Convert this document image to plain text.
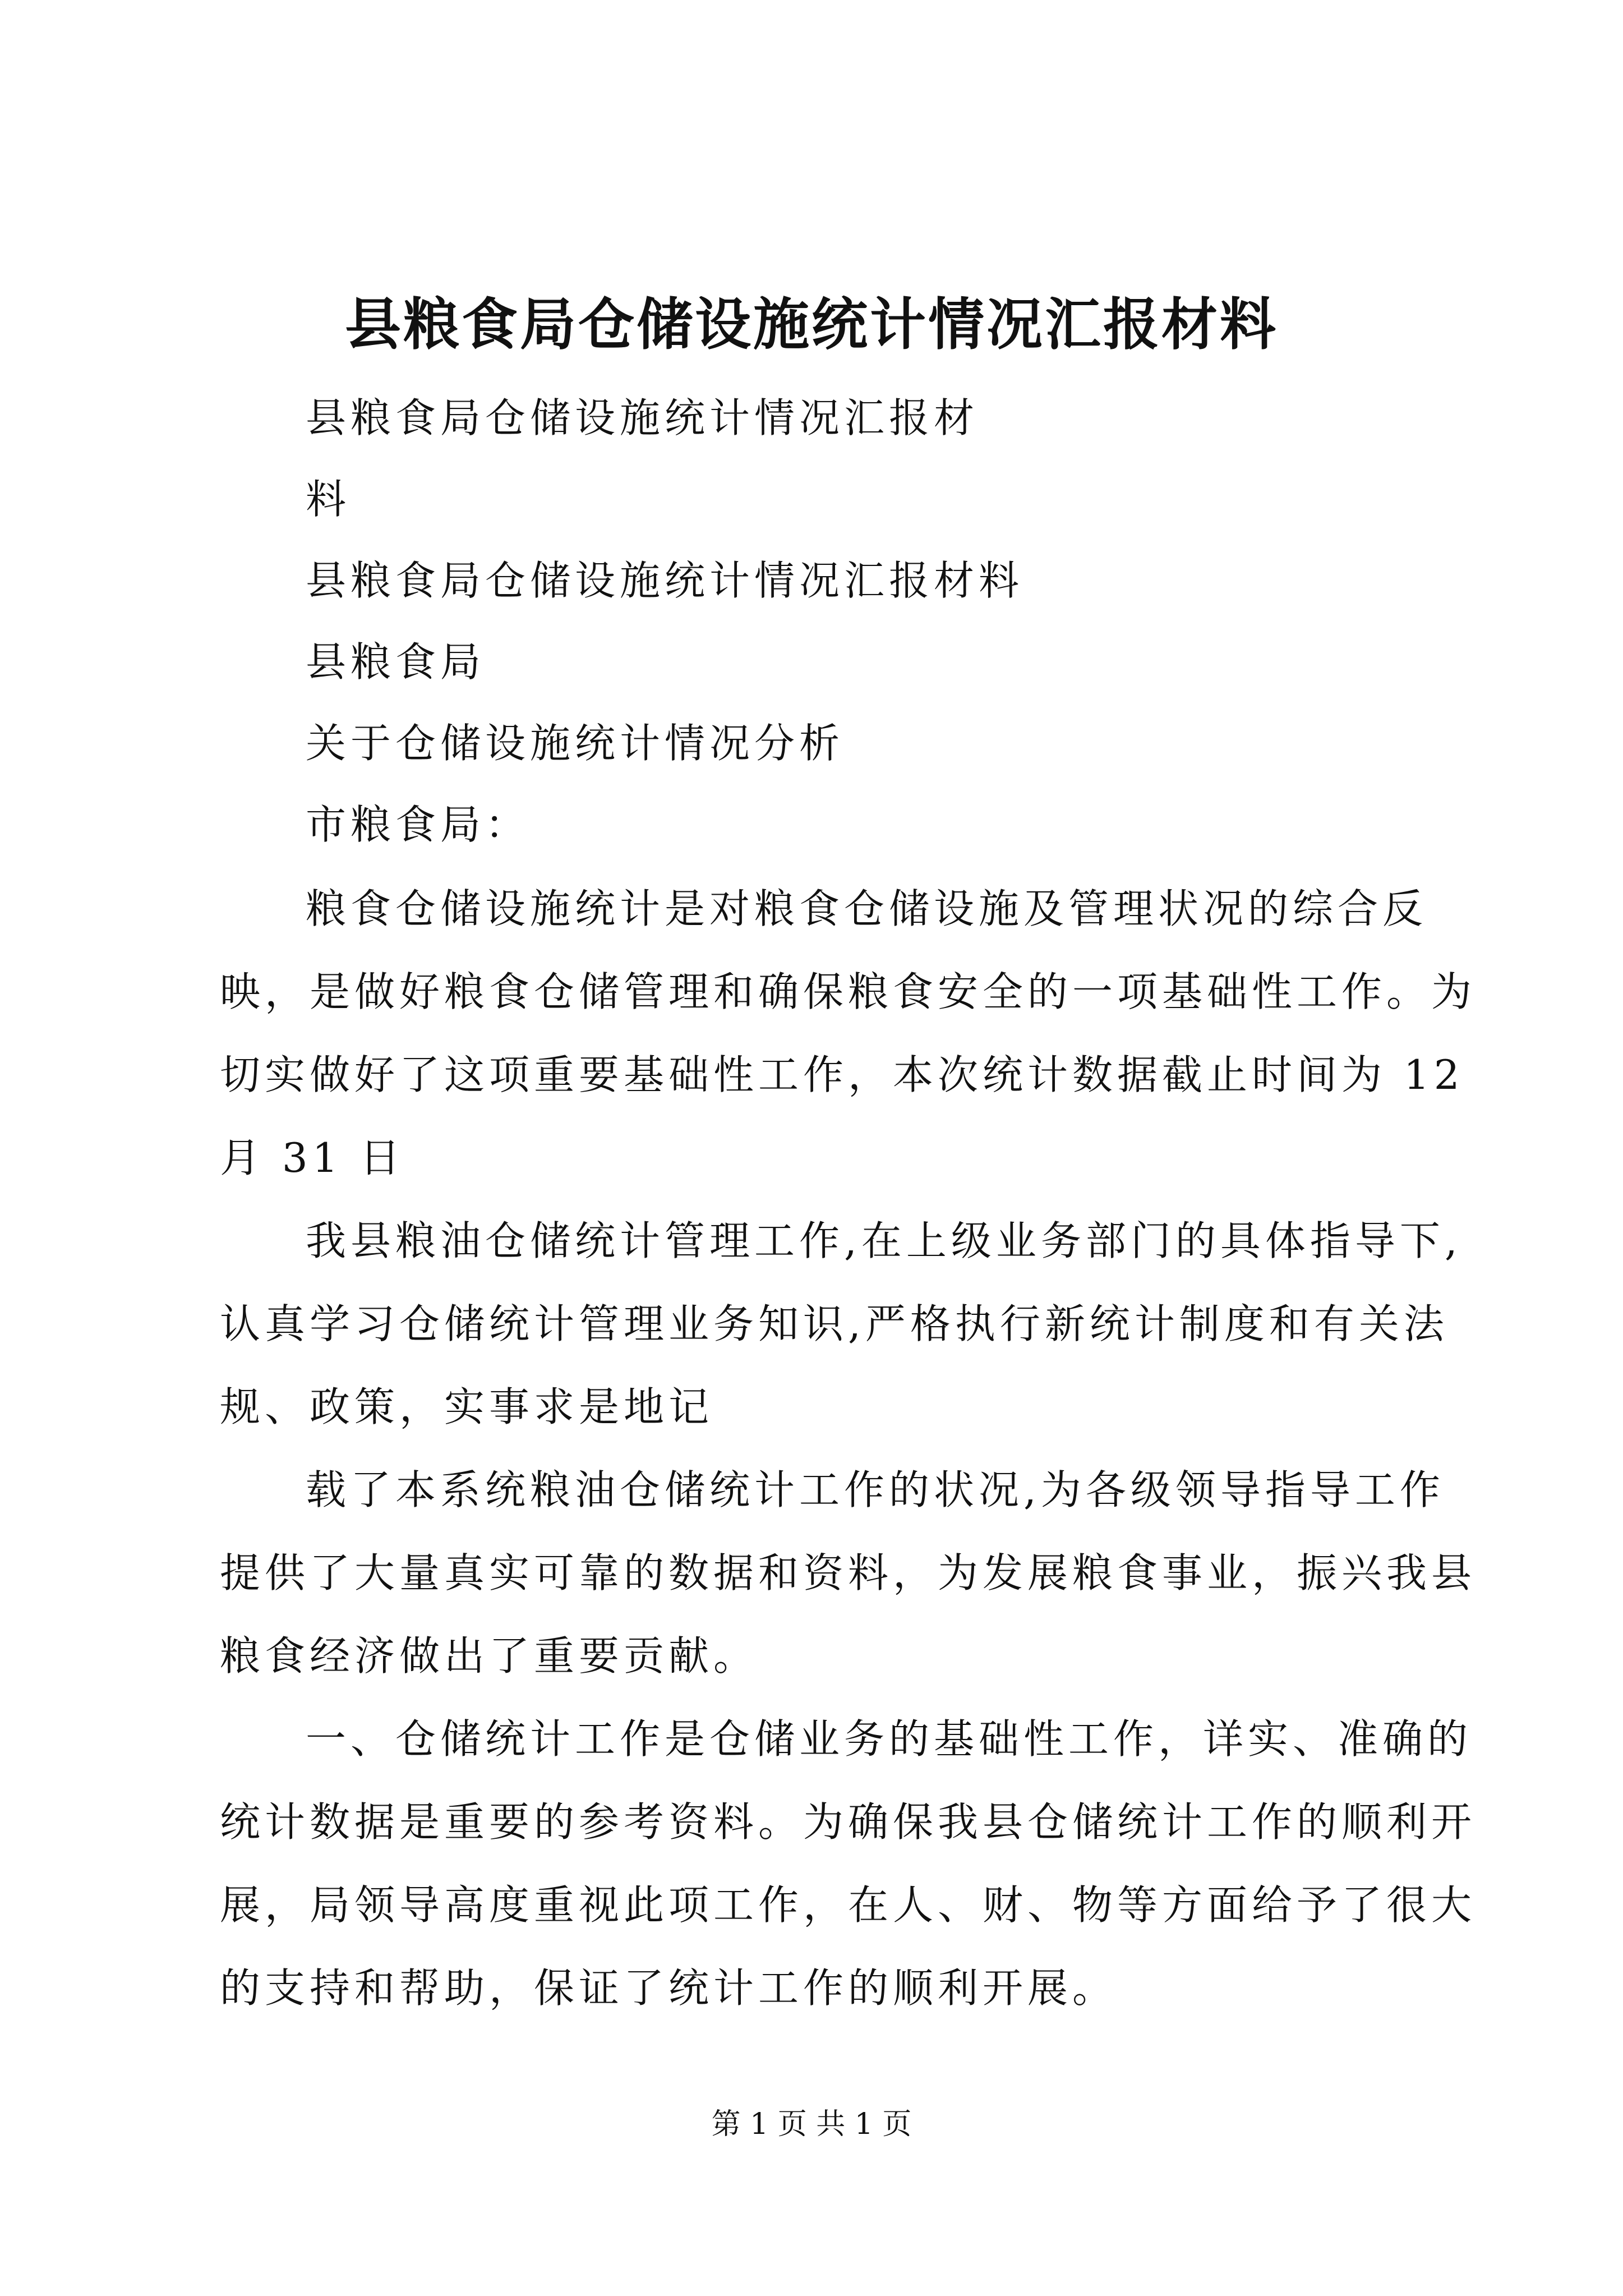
县粮食局仓储设施统计情况汇报材料
县粮食局仓储设施统计情况汇报材
料
县粮食局仓储设施统计情况汇报材料
县粮食局
关于仓储设施统计情况分析
市粮食局：
粮食仓储设施统计是对粮食仓储设施及管理状况的综合反
映，是做好粮食仓储管理和确保粮食安全的一项基础性工作。为
切实做好了这项重要基础性工作，本次统计数据截止时间为 12
月 31 日
我县粮油仓储统计管理工作,在上级业务部门的具体指导下,
认真学习仓储统计管理业务知识,严格执行新统计制度和有关法
规、政策，实事求是地记
载了本系统粮油仓储统计工作的状况,为各级领导指导工作
提供了大量真实可靠的数据和资料，为发展粮食事业，振兴我县
粮食经济做出了重要贡献。
一、仓储统计工作是仓储业务的基础性工作，详实、准确的
统计数据是重要的参考资料。为确保我县仓储统计工作的顺利开
展，局领导高度重视此项工作，在人、财、物等方面给予了很大
的支持和帮助，保证了统计工作的顺利开展。
第 1 页 共 1 页
